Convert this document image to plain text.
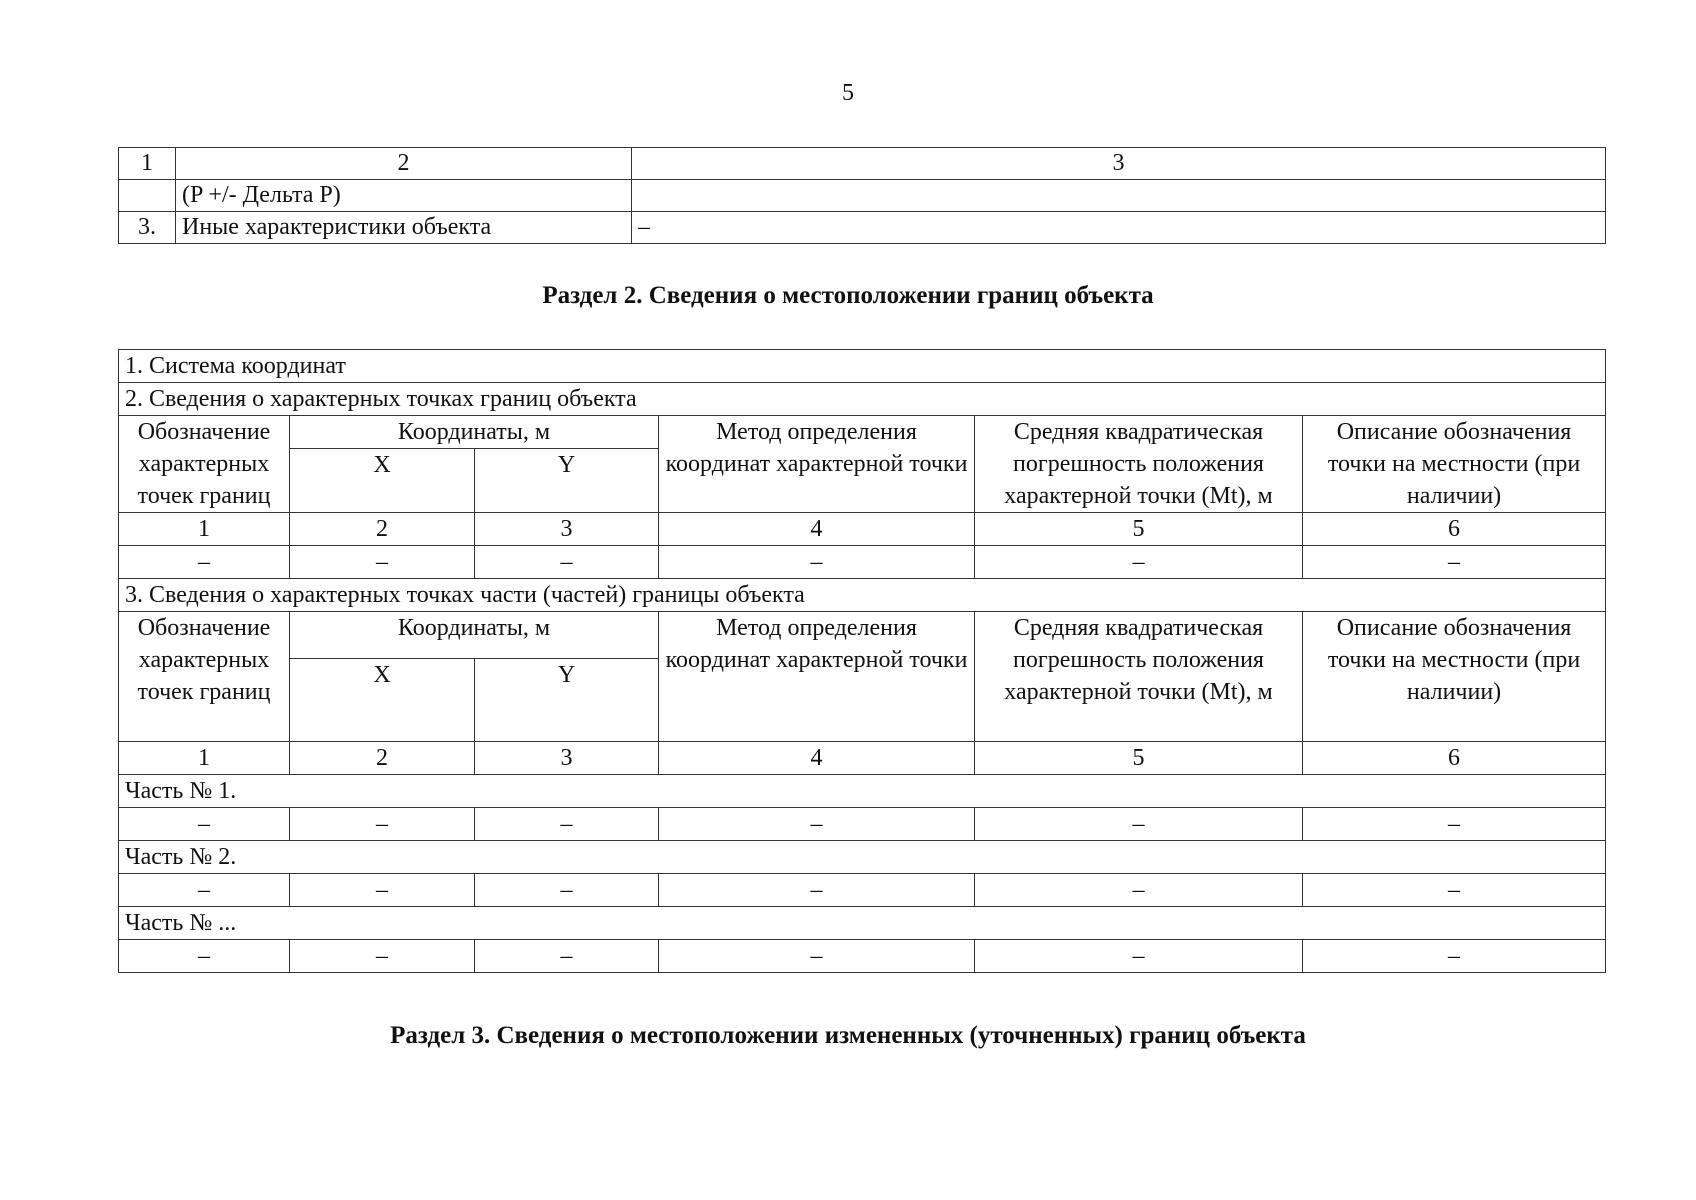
5
1	2	3
	(P +/- Дельта P)	
3.	Иные характеристики объекта	–
Раздел 2. Сведения о местоположении границ объекта
1. Система координат					
2. Сведения о характерных точках границ объекта					
Обозначение характерных точек границ	Координаты, м		Метод определения координат характерной точки	Средняя квадратическая погрешность положения характерной точки (Mt), м	Описание обозначения точки на местности (при наличии)
	X	Y			
1	2	3	4	5	6
–	–	–	–	–	–
3. Сведения о характерных точках части (частей) границы объекта					
Обозначение характерных точек границ	Координаты, м		Метод определения координат характерной точки	Средняя квадратическая погрешность положения характерной точки (Mt), м	Описание обозначения точки на местности (при наличии)
	X	Y			
1	2	3	4	5	6
Часть № 1.					
–	–	–	–	–	–
Часть № 2.					
–	–	–	–	–	–
Часть № ...					
–	–	–	–	–	–
Раздел 3. Сведения о местоположении измененных (уточненных) границ объекта
